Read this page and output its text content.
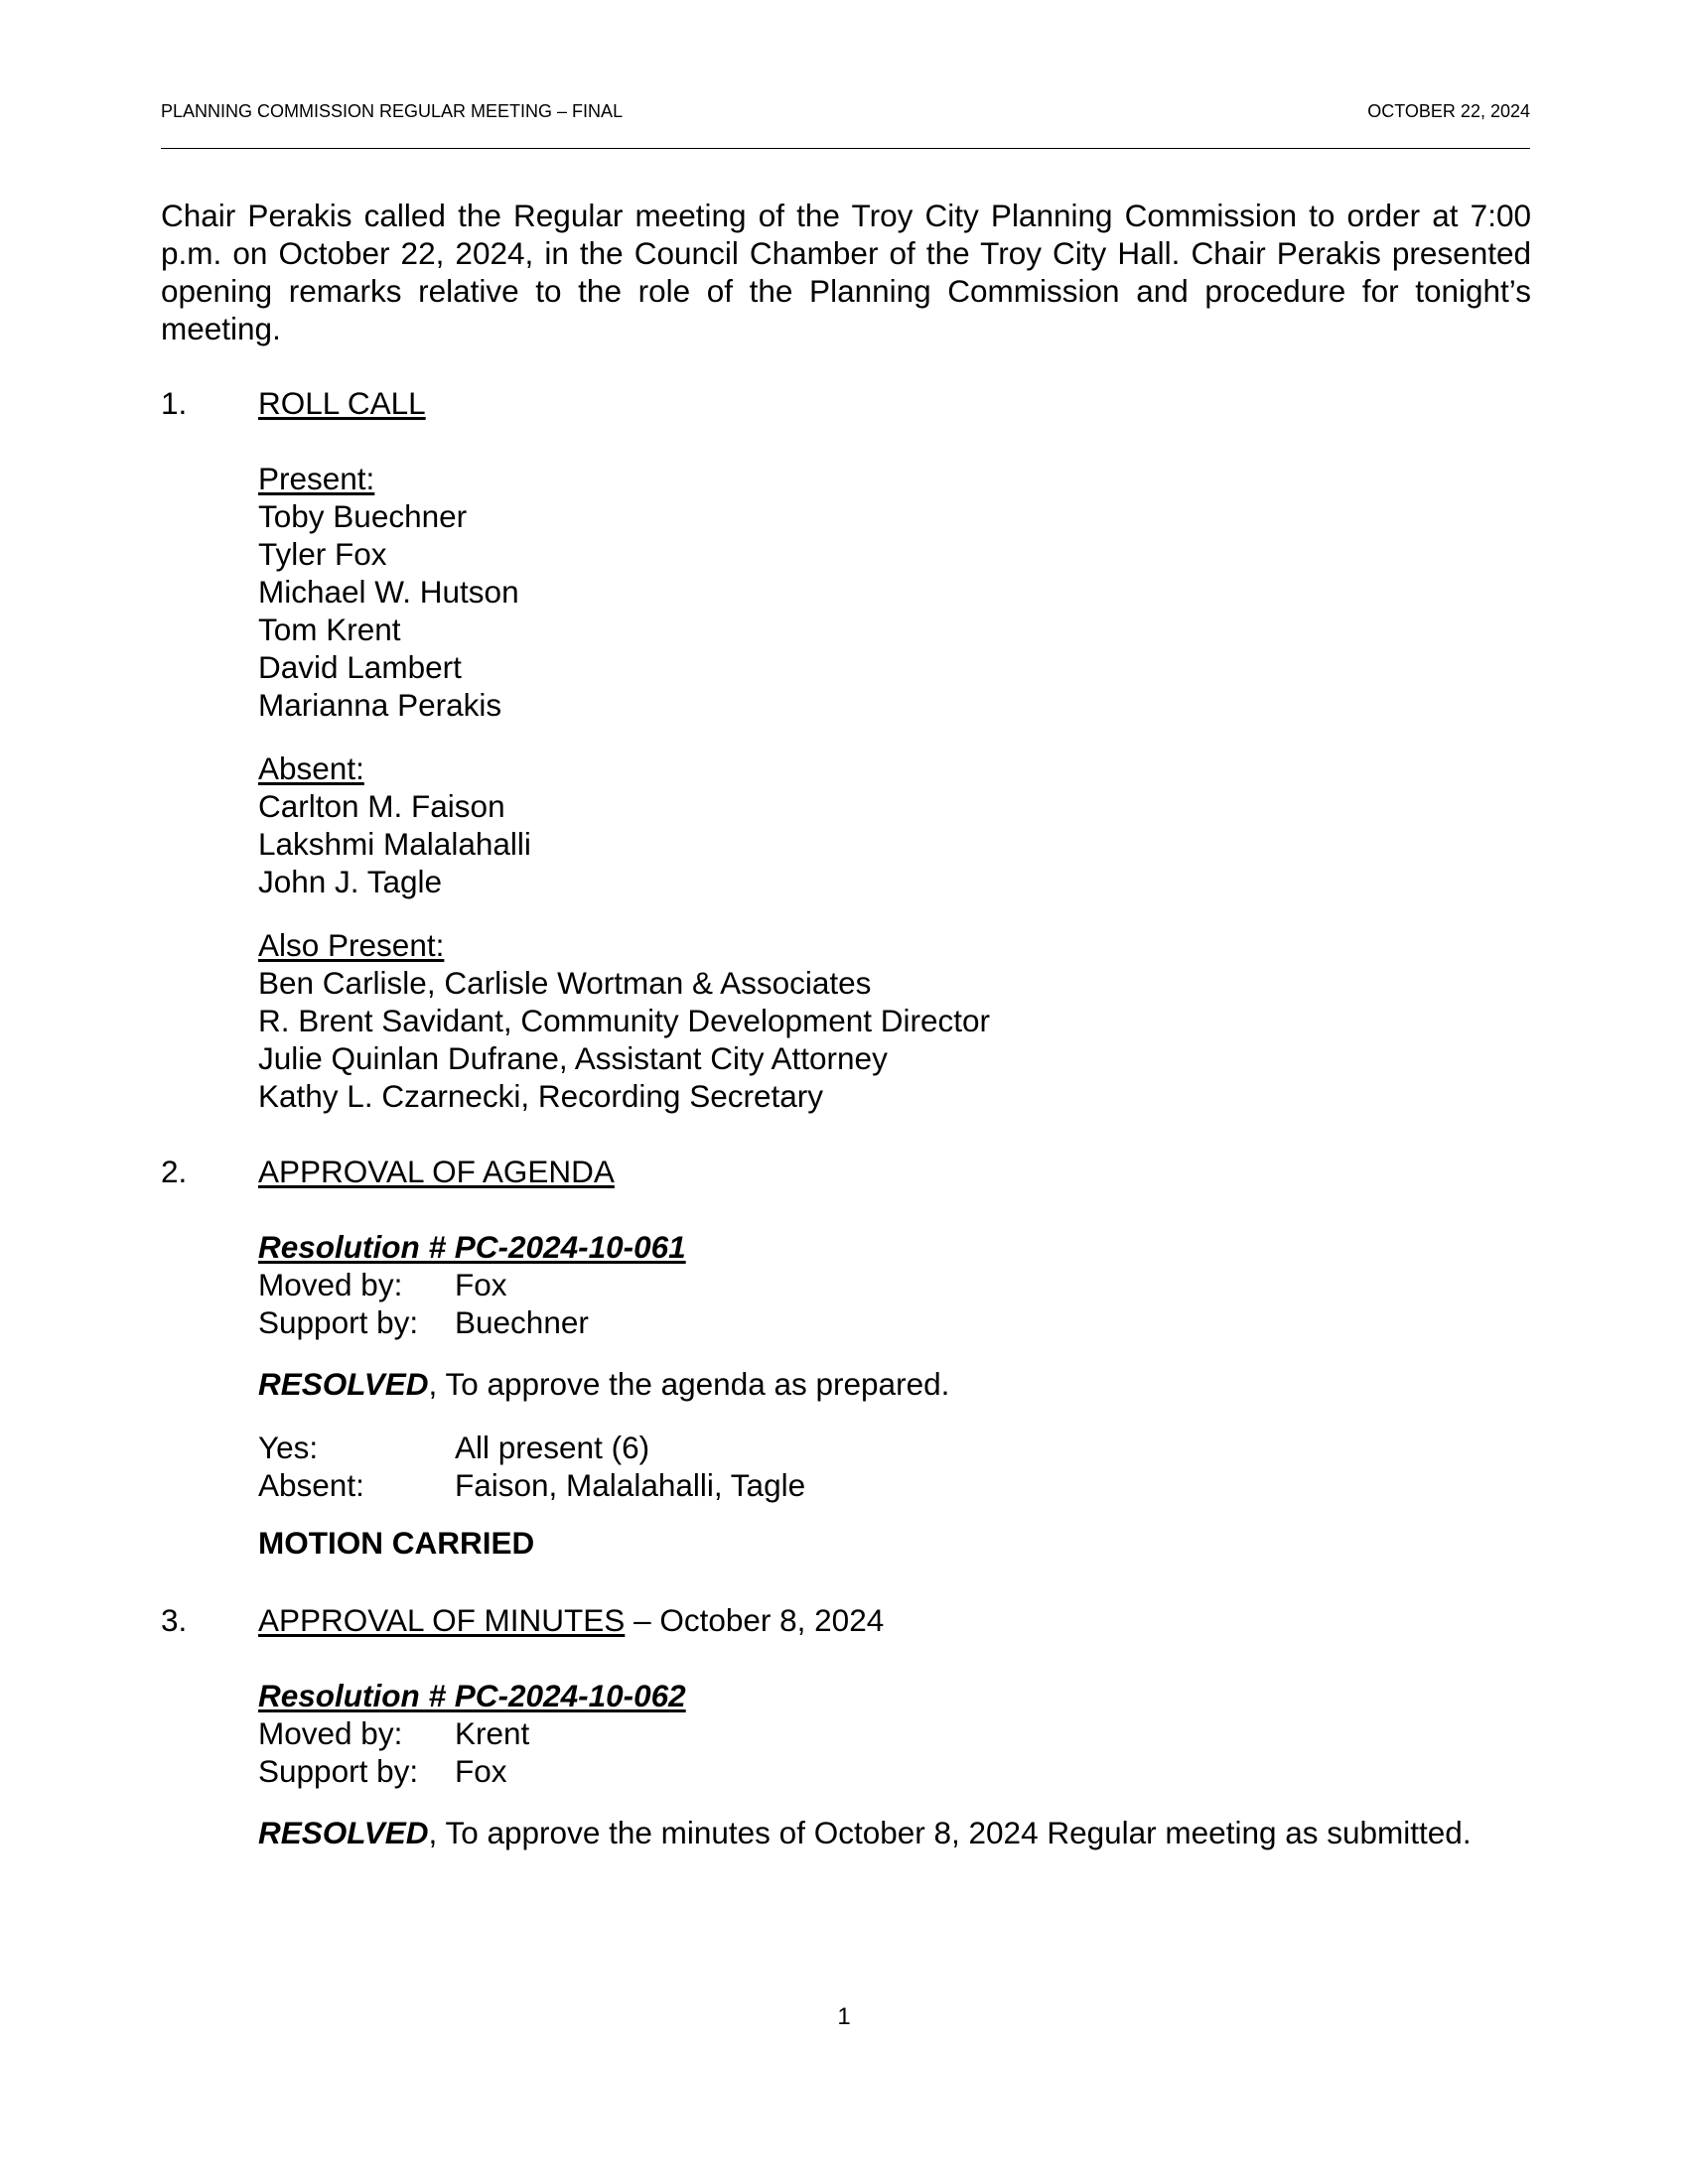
PLANNING COMMISSION REGULAR MEETING – FINAL	OCTOBER 22, 2024
Chair Perakis called the Regular meeting of the Troy City Planning Commission to order at 7:00 p.m. on October 22, 2024, in the Council Chamber of the Troy City Hall. Chair Perakis presented opening remarks relative to the role of the Planning Commission and procedure for tonight’s meeting.
1. ROLL CALL
Present:
Toby Buechner
Tyler Fox
Michael W. Hutson
Tom Krent
David Lambert
Marianna Perakis
Absent:
Carlton M. Faison
Lakshmi Malalahalli
John J. Tagle
Also Present:
Ben Carlisle, Carlisle Wortman & Associates
R. Brent Savidant, Community Development Director
Julie Quinlan Dufrane, Assistant City Attorney
Kathy L. Czarnecki, Recording Secretary
2. APPROVAL OF AGENDA
Resolution # PC-2024-10-061
Moved by: Fox
Support by: Buechner
RESOLVED, To approve the agenda as prepared.
Yes:	All present (6)
Absent:	Faison, Malalahalli, Tagle
MOTION CARRIED
3. APPROVAL OF MINUTES – October 8, 2024
Resolution # PC-2024-10-062
Moved by: Krent
Support by: Fox
RESOLVED, To approve the minutes of October 8, 2024 Regular meeting as submitted.
1
